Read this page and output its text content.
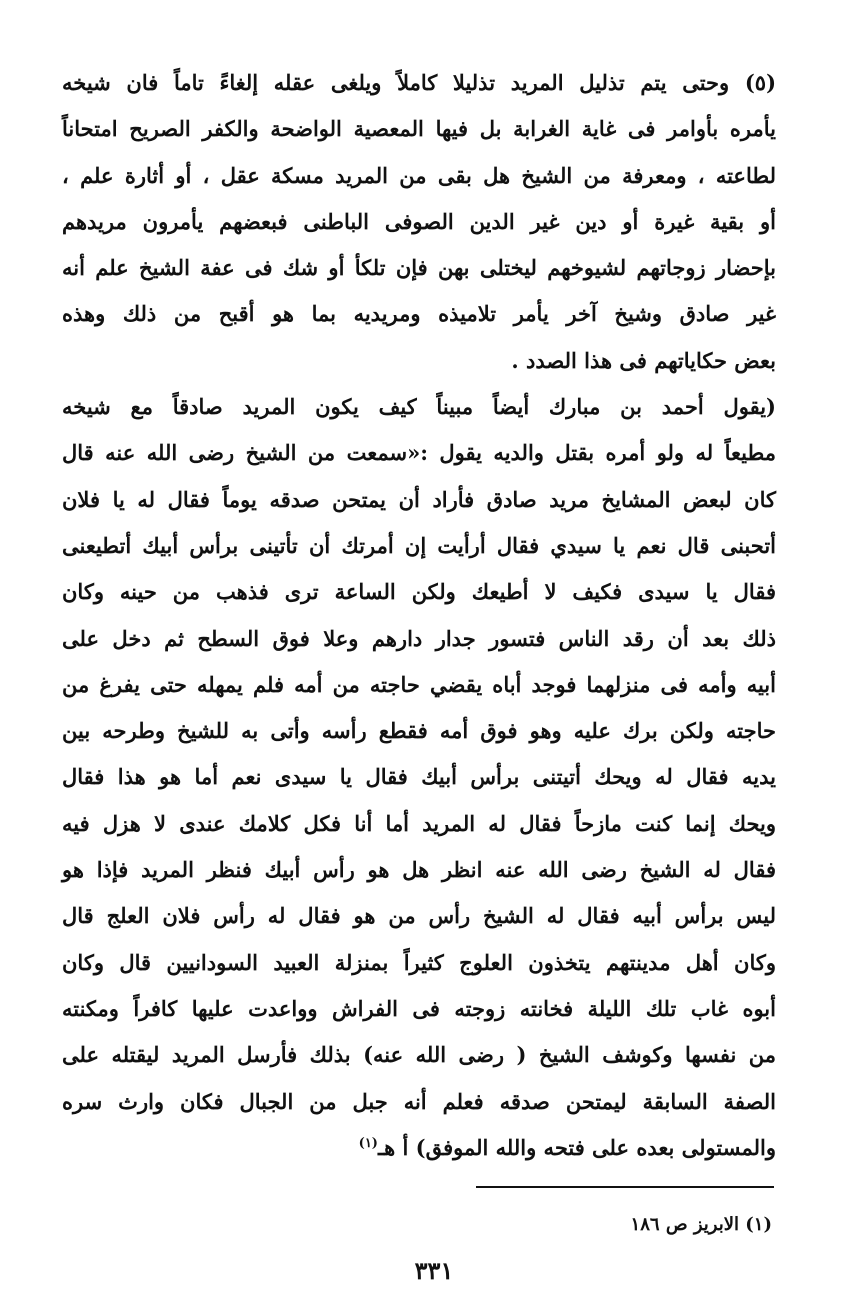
(٥) وحتى يتم تذليل المريد تذليلا كاملاً ويلغى عقله إلغاءً تاماً فان شيخه
يأمره بأوامر فى غاية الغرابة بل فيها المعصية الواضحة والكفر الصريح امتحاناً
لطاعته ، ومعرفة من الشيخ هل بقى من المريد مسكة عقل ، أو أثارة علم ،
أو بقية غيرة أو دين غير الدين الصوفى الباطنى فبعضهم يأمرون مريدهم
بإحضار زوجاتهم لشيوخهم ليختلى بهن فإن تلكأ أو شك فى عفة الشيخ علم أنه
غير صادق وشيخ آخر يأمر تلاميذه ومريديه بما هو أقبح من ذلك وهذه
بعض حكاياتهم فى هذا الصدد .

(يقول أحمد بن مبارك أيضاً مبيناً كيف يكون المريد صادقاً مع شيخه
مطيعاً له ولو أمره بقتل والديه يقول :«سمعت من الشيخ رضى الله عنه قال
كان لبعض المشايخ مريد صادق فأراد أن يمتحن صدقه يوماً فقال له يا فلان
أتحبنى قال نعم يا سيدي فقال أرأيت إن أمرتك أن تأتينى برأس أبيك أتطيعنى
فقال يا سيدى فكيف لا أطيعك ولكن الساعة ترى فذهب من حينه وكان
ذلك بعد أن رقد الناس فتسور جدار دارهم وعلا فوق السطح ثم دخل على
أبيه وأمه فى منزلهما فوجد أباه يقضي حاجته من أمه فلم يمهله حتى يفرغ من
حاجته ولكن برك عليه وهو فوق أمه فقطع رأسه وأتى به للشيخ وطرحه بين
يديه فقال له ويحك أتيتنى برأس أبيك فقال يا سيدى نعم أما هو هذا فقال
ويحك إنما كنت مازحاً فقال له المريد أما أنا فكل كلامك عندى لا هزل فيه
فقال له الشيخ رضى الله عنه انظر هل هو رأس أبيك فنظر المريد فإذا هو
ليس برأس أبيه فقال له الشيخ رأس من هو فقال له رأس فلان العلج قال
وكان أهل مدينتهم يتخذون العلوج كثيراً بمنزلة العبيد السودانيين قال وكان
أبوه غاب تلك الليلة فخانته زوجته فى الفراش وواعدت عليها كافراً ومكنته
من نفسها وكوشف الشيخ ( رضى الله عنه) بذلك فأرسل المريد ليقتله على
الصفة السابقة ليمتحن صدقه فعلم أنه جبل من الجبال فكان وارث سره
والمستولى بعده على فتحه والله الموفق) أ هـ$^{(١)}$

(١) الابريز ص ١٨٦
٣٣١
